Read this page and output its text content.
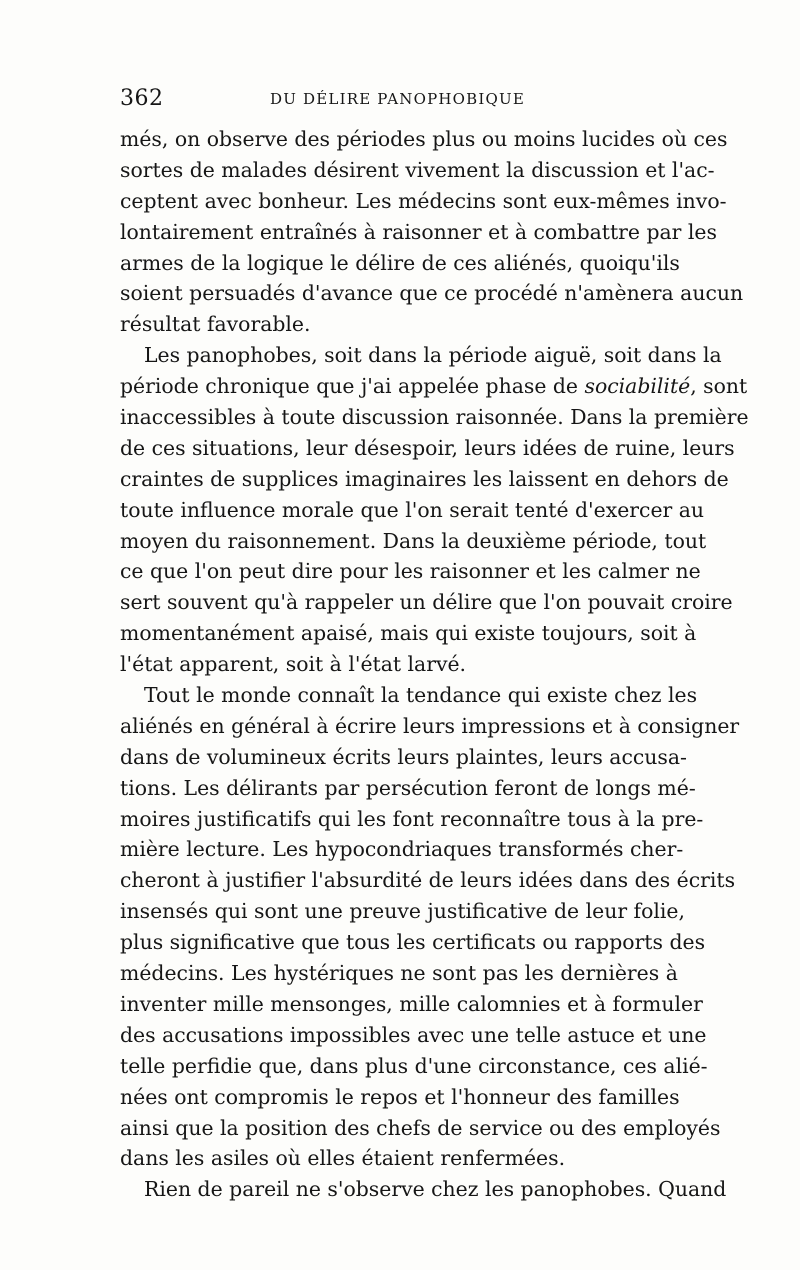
362	DU DÉLIRE PANOPHOBIQUE
més, on observe des périodes plus ou moins lucides où ces
sortes de malades désirent vivement la discussion et l'ac-
ceptent avec bonheur. Les médecins sont eux-mêmes invo-
lontairement entraînés à raisonner et à combattre par les
armes de la logique le délire de ces aliénés, quoiqu'ils
soient persuadés d'avance que ce procédé n'amènera aucun
résultat favorable.
Les panophobes, soit dans la période aiguë, soit dans la
période chronique que j'ai appelée phase de sociabilité, sont
inaccessibles à toute discussion raisonnée. Dans la première
de ces situations, leur désespoir, leurs idées de ruine, leurs
craintes de supplices imaginaires les laissent en dehors de
toute influence morale que l'on serait tenté d'exercer au
moyen du raisonnement. Dans la deuxième période, tout
ce que l'on peut dire pour les raisonner et les calmer ne
sert souvent qu'à rappeler un délire que l'on pouvait croire
momentanément apaisé, mais qui existe toujours, soit à
l'état apparent, soit à l'état larvé.
Tout le monde connaît la tendance qui existe chez les
aliénés en général à écrire leurs impressions et à consigner
dans de volumineux écrits leurs plaintes, leurs accusa-
tions. Les délirants par persécution feront de longs mé-
moires justificatifs qui les font reconnaître tous à la pre-
mière lecture. Les hypocondriaques transformés cher-
cheront à justifier l'absurdité de leurs idées dans des écrits
insensés qui sont une preuve justificative de leur folie,
plus significative que tous les certificats ou rapports des
médecins. Les hystériques ne sont pas les dernières à
inventer mille mensonges, mille calomnies et à formuler
des accusations impossibles avec une telle astuce et une
telle perfidie que, dans plus d'une circonstance, ces alié-
nées ont compromis le repos et l'honneur des familles
ainsi que la position des chefs de service ou des employés
dans les asiles où elles étaient renfermées.
Rien de pareil ne s'observe chez les panophobes. Quand
